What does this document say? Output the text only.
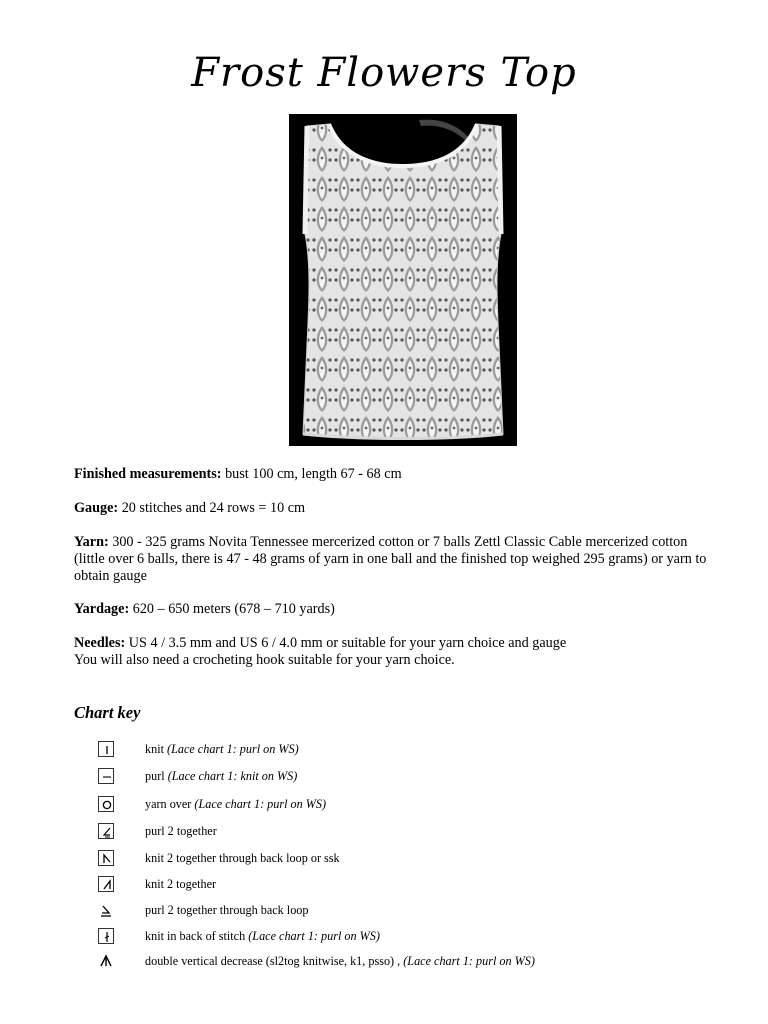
Frost Flowers Top

Finished measurements: bust 100 cm, length 67 - 68 cm

Gauge: 20 stitches and 24 rows = 10 cm

Yarn: 300 - 325 grams Novita Tennessee mercerized cotton or 7 balls Zettl Classic Cable mercerized cotton (little over 6 balls, there is 47 - 48 grams of yarn in one ball and the finished top weighed 295 grams) or yarn to obtain gauge

Yardage: 620 – 650 meters (678 – 710 yards)

Needles: US 4 / 3.5 mm and US 6 / 4.0 mm or suitable for your yarn choice and gauge
You will also need a crocheting hook suitable for your yarn choice.

Chart key
knit (Lace chart 1: purl on WS)
purl (Lace chart 1: knit on WS)
yarn over (Lace chart 1: purl on WS)
purl 2 together
knit 2 together through back loop or ssk
knit 2 together
purl 2 together through back loop
knit in back of stitch (Lace chart 1: purl on WS)
double vertical decrease (sl2tog knitwise, k1, psso) , (Lace chart 1: purl on WS)
